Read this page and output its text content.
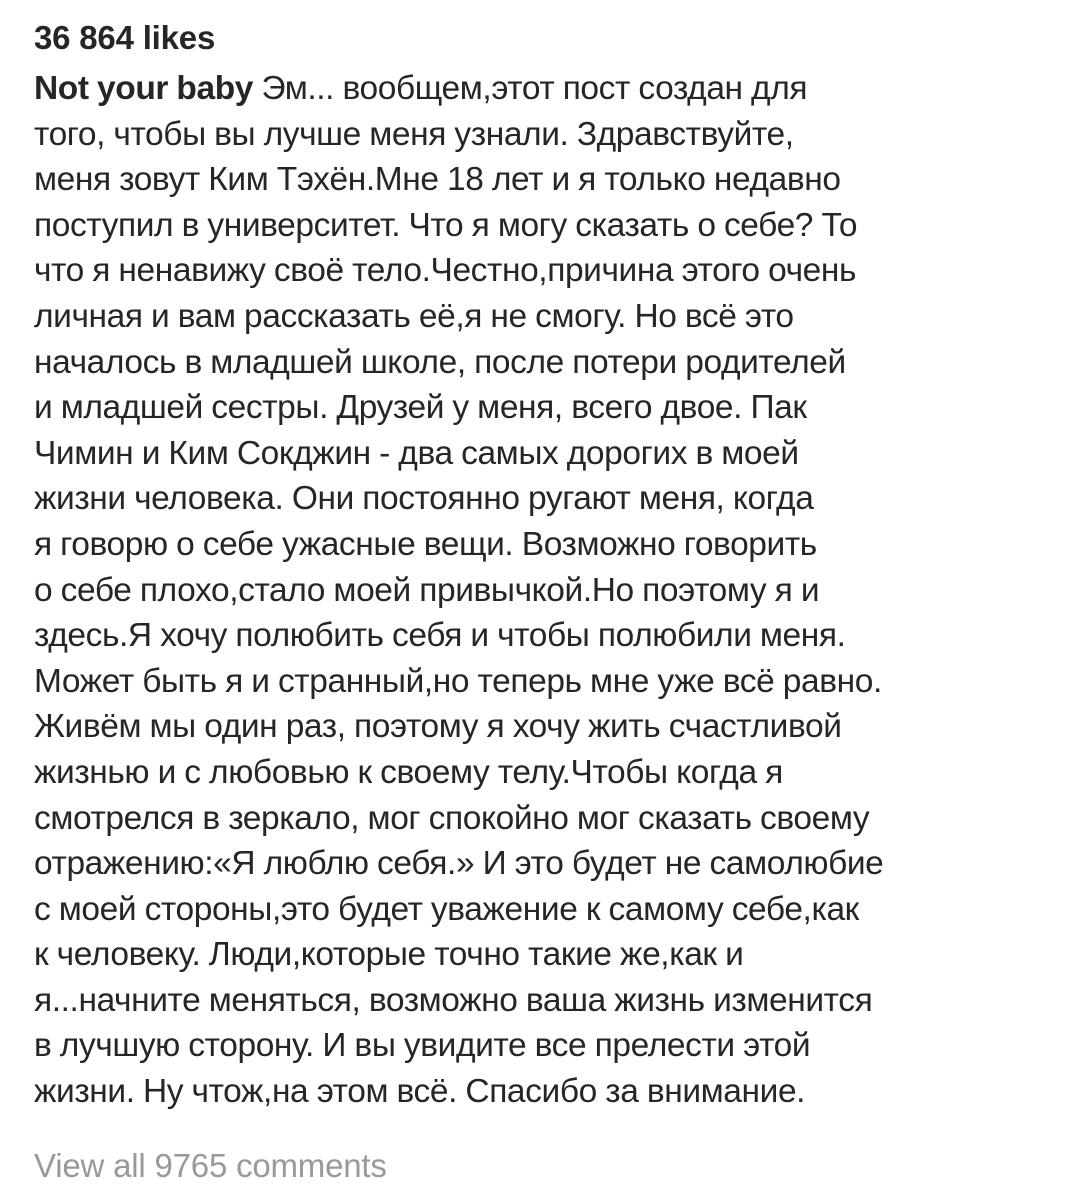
36 864 likes
Not your baby Эм... вообщем,этот пост создан для
того, чтобы вы лучше меня узнали. Здравствуйте,
меня зовут Ким Тэхён.Мне 18 лет и я только недавно
поступил в университет. Что я могу сказать о себе? То
что я ненавижу своё тело.Честно,причина этого очень
личная и вам рассказать её,я не смогу. Но всё это
началось в младшей школе, после потери родителей
и младшей сестры. Друзей у меня, всего двое. Пак
Чимин и Ким Сокджин - два самых дорогих в моей
жизни человека. Они постоянно ругают меня, когда
я говорю о себе ужасные вещи. Возможно говорить
о себе плохо,стало моей привычкой.Но поэтому я и
здесь.Я хочу полюбить себя и чтобы полюбили меня.
Может быть я и странный,но теперь мне уже всё равно.
Живём мы один раз, поэтому я хочу жить счастливой
жизнью и с любовью к своему телу.Чтобы когда я
смотрелся в зеркало, мог спокойно мог сказать своему
отражению:«Я люблю себя.» И это будет не самолюбие
с моей стороны,это будет уважение к самому себе,как
к человеку. Люди,которые точно такие же,как и
я...начните меняться, возможно ваша жизнь изменится
в лучшую сторону. И вы увидите все прелести этой
жизни. Ну чтож,на этом всё. Спасибо за внимание.
View all 9765 comments
